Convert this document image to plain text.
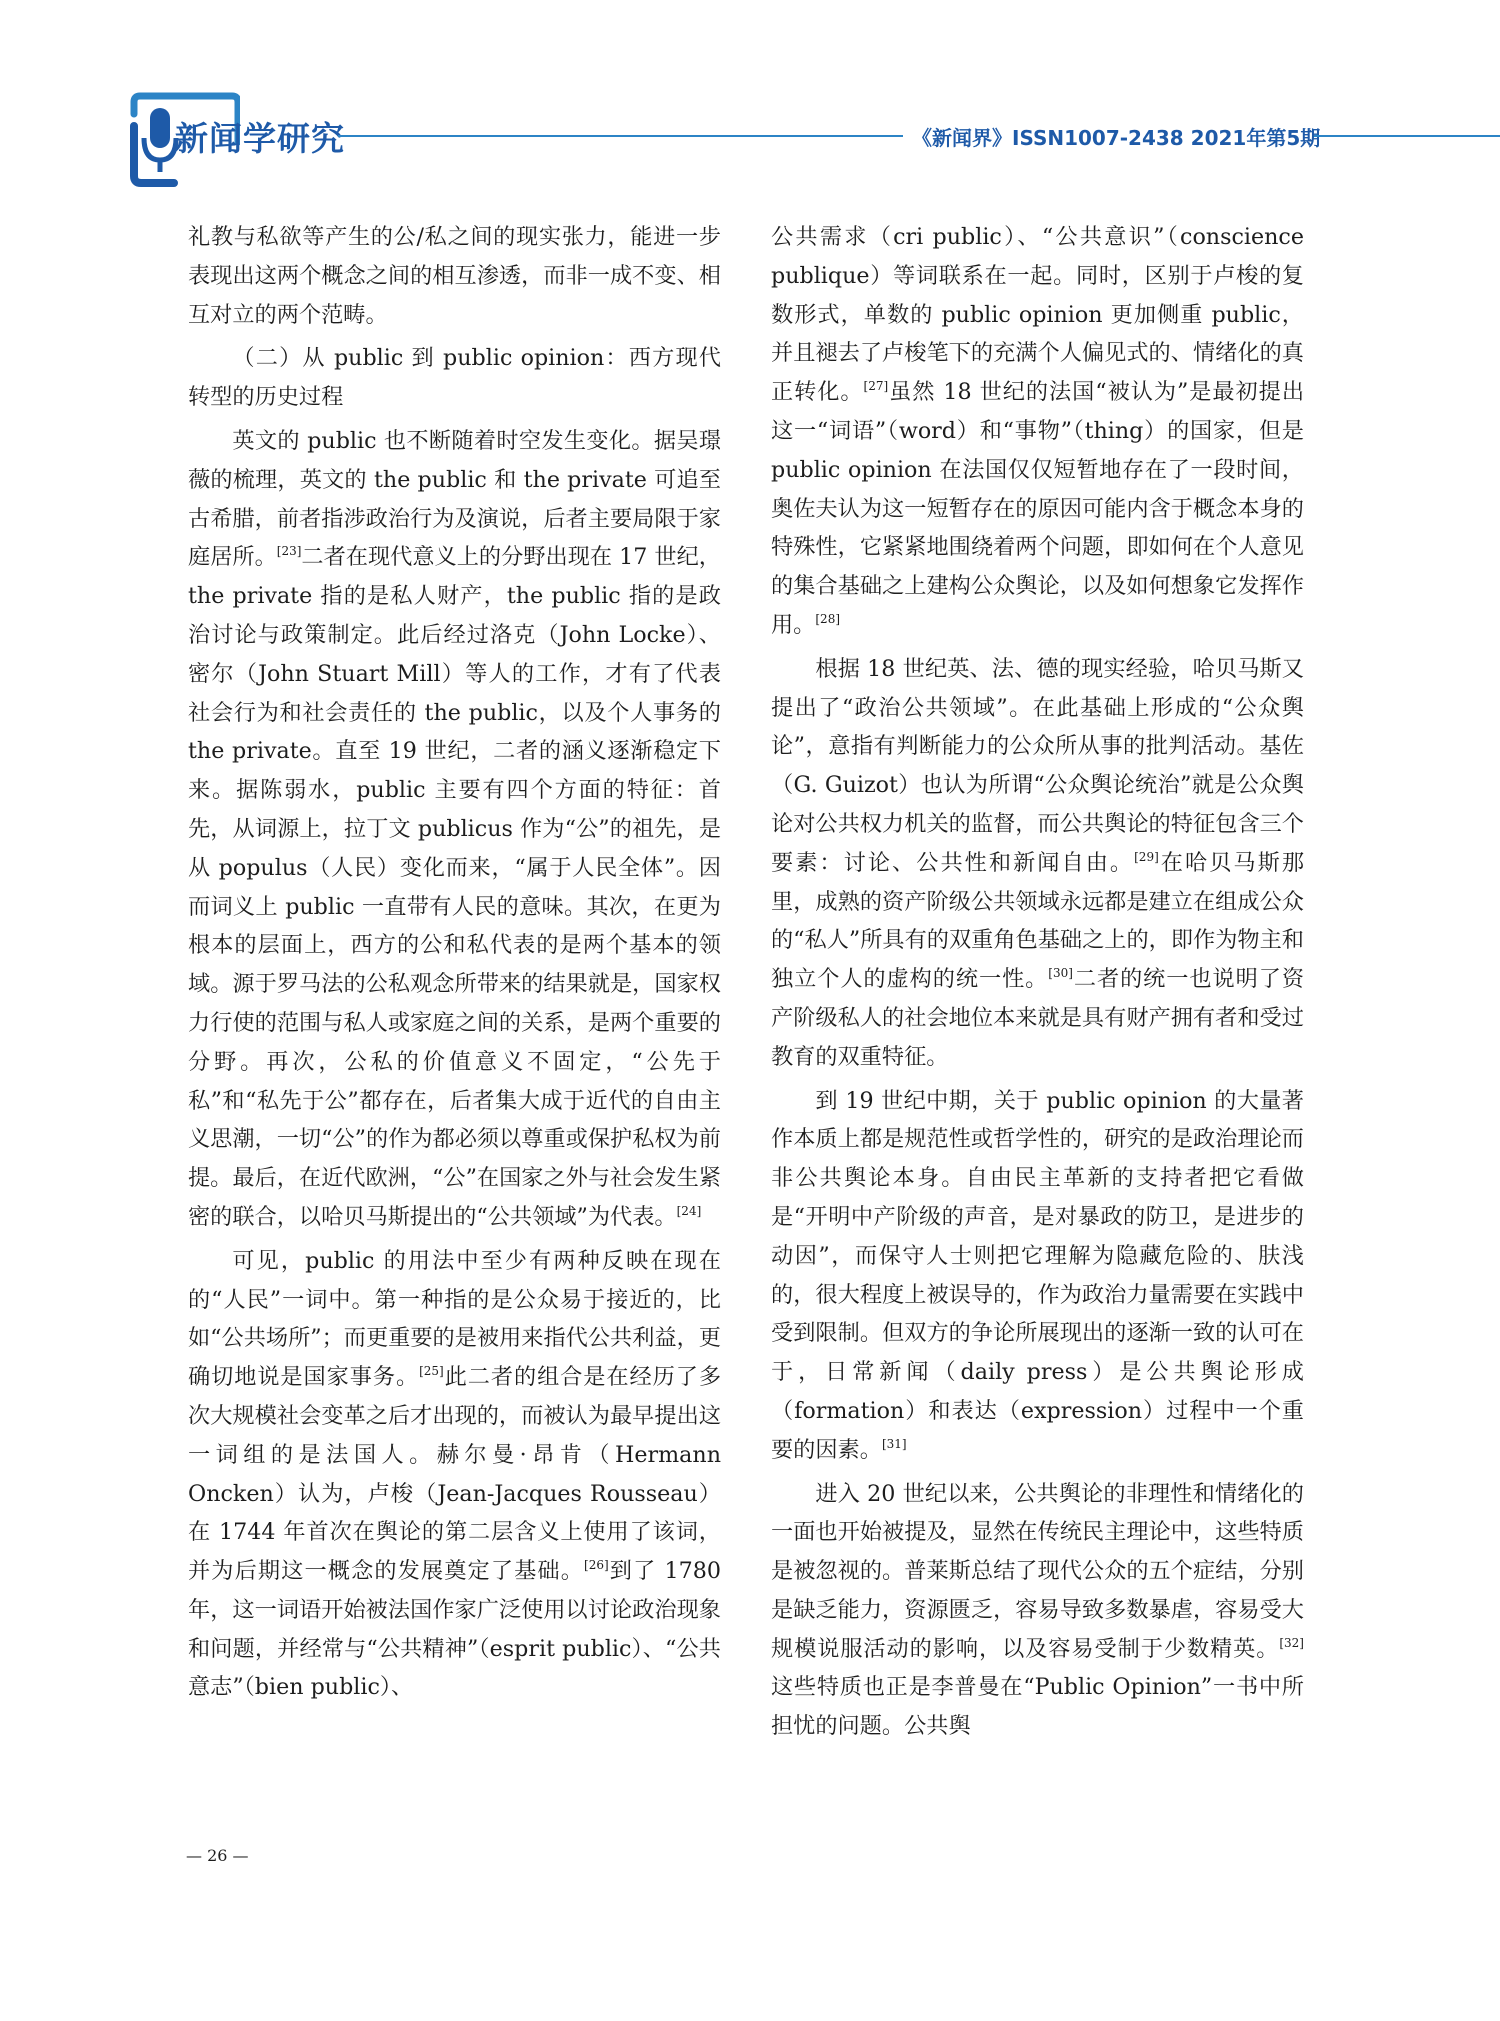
新闻学研究	《新闻界》ISSN1007-2438 2021年第5期

礼教与私欲等产生的公/私之间的现实张力，能进一步表现出这两个概念之间的相互渗透，而非一成不变、相互对立的两个范畴。

（二）从 public 到 public opinion：西方现代转型的历史过程

英文的 public 也不断随着时空发生变化。据吴璟薇的梳理，英文的 the public 和 the private 可追至古希腊，前者指涉政治行为及演说，后者主要局限于家庭居所。[23]二者在现代意义上的分野出现在 17 世纪，the private 指的是私人财产，the public 指的是政治讨论与政策制定。此后经过洛克（John Locke）、密尔（John Stuart Mill）等人的工作，才有了代表社会行为和社会责任的 the public，以及个人事务的 the private。直至 19 世纪，二者的涵义逐渐稳定下来。据陈弱水，public 主要有四个方面的特征：首先，从词源上，拉丁文 publicus 作为“公”的祖先，是从 populus（人民）变化而来，“属于人民全体”。因而词义上 public 一直带有人民的意味。其次，在更为根本的层面上，西方的公和私代表的是两个基本的领域。源于罗马法的公私观念所带来的结果就是，国家权力行使的范围与私人或家庭之间的关系，是两个重要的分野。再次，公私的价值意义不固定，“公先于私”和“私先于公”都存在，后者集大成于近代的自由主义思潮，一切“公”的作为都必须以尊重或保护私权为前提。最后，在近代欧洲，“公”在国家之外与社会发生紧密的联合，以哈贝马斯提出的“公共领域”为代表。[24]

可见，public 的用法中至少有两种反映在现在的“人民”一词中。第一种指的是公众易于接近的，比如“公共场所”；而更重要的是被用来指代公共利益，更确切地说是国家事务。[25]此二者的组合是在经历了多次大规模社会变革之后才出现的，而被认为最早提出这一词组的是法国人。赫尔曼·昂肯（Hermann Oncken）认为，卢梭（Jean-Jacques Rousseau）在 1744 年首次在舆论的第二层含义上使用了该词，并为后期这一概念的发展奠定了基础。[26]到了 1780 年，这一词语开始被法国作家广泛使用以讨论政治现象和问题，并经常与“公共精神”（esprit public）、“公共意志”（bien public）、

公共需求（cri public）、“公共意识”（conscience publique）等词联系在一起。同时，区别于卢梭的复数形式，单数的 public opinion 更加侧重 public，并且褪去了卢梭笔下的充满个人偏见式的、情绪化的真正转化。[27]虽然 18 世纪的法国“被认为”是最初提出这一“词语”（word）和“事物”（thing）的国家，但是 public opinion 在法国仅仅短暂地存在了一段时间，奥佐夫认为这一短暂存在的原因可能内含于概念本身的特殊性，它紧紧地围绕着两个问题，即如何在个人意见的集合基础之上建构公众舆论，以及如何想象它发挥作用。[28]

根据 18 世纪英、法、德的现实经验，哈贝马斯又提出了“政治公共领域”。在此基础上形成的“公众舆论”，意指有判断能力的公众所从事的批判活动。基佐（G. Guizot）也认为所谓“公众舆论统治”就是公众舆论对公共权力机关的监督，而公共舆论的特征包含三个要素：讨论、公共性和新闻自由。[29]在哈贝马斯那里，成熟的资产阶级公共领域永远都是建立在组成公众的“私人”所具有的双重角色基础之上的，即作为物主和独立个人的虚构的统一性。[30]二者的统一也说明了资产阶级私人的社会地位本来就是具有财产拥有者和受过教育的双重特征。

到 19 世纪中期，关于 public opinion 的大量著作本质上都是规范性或哲学性的，研究的是政治理论而非公共舆论本身。自由民主革新的支持者把它看做是“开明中产阶级的声音，是对暴政的防卫，是进步的动因”，而保守人士则把它理解为隐藏危险的、肤浅的，很大程度上被误导的，作为政治力量需要在实践中受到限制。但双方的争论所展现出的逐渐一致的认可在于，日常新闻（daily press）是公共舆论形成（formation）和表达（expression）过程中一个重要的因素。[31]

进入 20 世纪以来，公共舆论的非理性和情绪化的一面也开始被提及，显然在传统民主理论中，这些特质是被忽视的。普莱斯总结了现代公众的五个症结，分别是缺乏能力，资源匮乏，容易导致多数暴虐，容易受大规模说服活动的影响，以及容易受制于少数精英。[32]这些特质也正是李普曼在“Public Opinion”一书中所担忧的问题。公共舆

— 26 —
